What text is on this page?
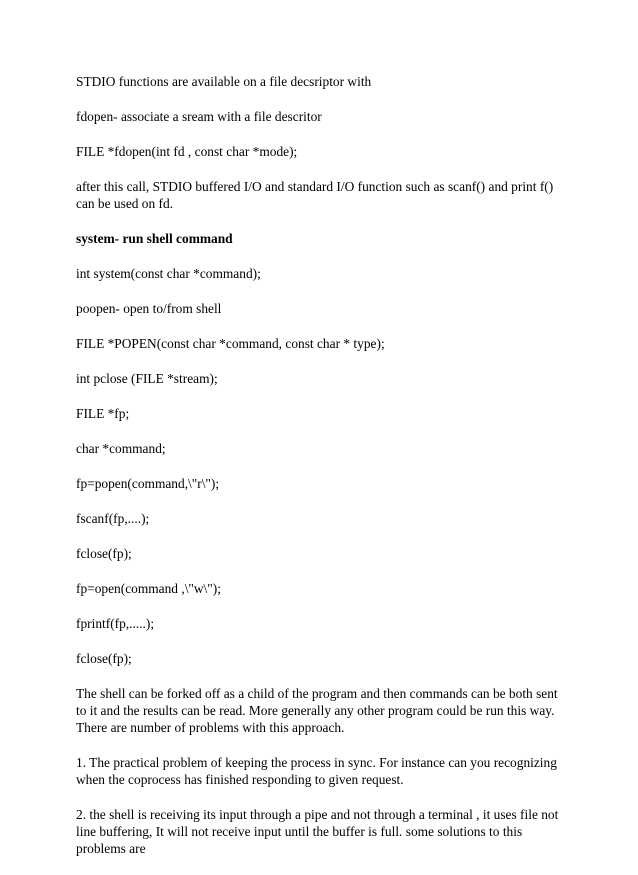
STDIO functions are available on a file decsriptor with

fdopen- associate a sream with a file descritor

FILE *fdopen(int fd , const char *mode);

after this call, STDIO buffered I/O and standard I/O function such as scanf() and print f() can be used on fd.

system- run shell command

int system(const char *command);

poopen- open to/from shell

FILE *POPEN(const char *command, const char * type);

int pclose (FILE *stream);

FILE *fp;

char *command;

fp=popen(command,\"r\");

fscanf(fp,....);

fclose(fp);

fp=open(command ,\"w\");

fprintf(fp,.....);

fclose(fp);

The shell can be forked off as a child of the program and then commands can be both sent to it and the results can be read. More generally any other program could be run this way. There are number of problems with this approach.

1. The practical problem of keeping the process in sync. For instance can you recognizing when the coprocess has finished responding to given request.

2. the shell is receiving its input through a pipe and not through a terminal , it uses file not line buffering, It will not receive input until the buffer is full. some solutions to this problems are
